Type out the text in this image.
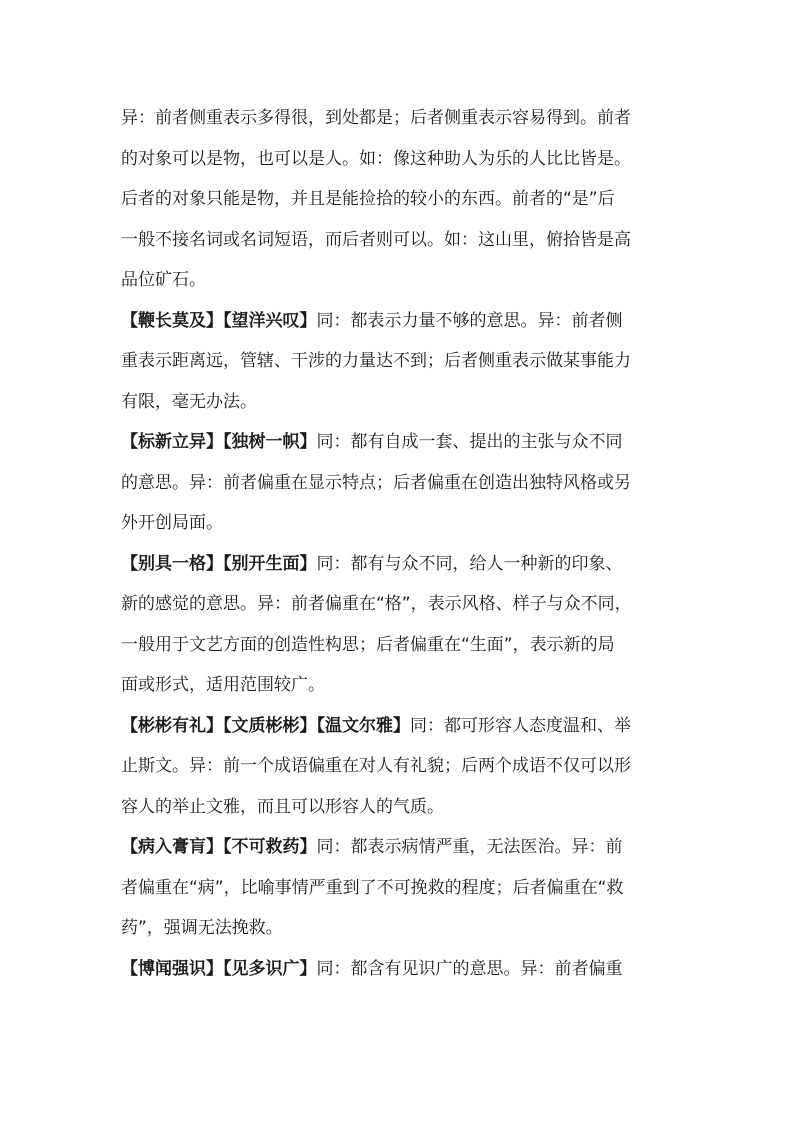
异：前者侧重表示多得很，到处都是；后者侧重表示容易得到。前者
的对象可以是物，也可以是人。如：像这种助人为乐的人比比皆是。
后者的对象只能是物，并且是能捡拾的较小的东西。前者的“是”后
一般不接名词或名词短语，而后者则可以。如：这山里，俯拾皆是高
品位矿石。

【鞭长莫及】【望洋兴叹】同：都表示力量不够的意思。异：前者侧
重表示距离远，管辖、干涉的力量达不到；后者侧重表示做某事能力
有限，毫无办法。

【标新立异】【独树一帜】同：都有自成一套、提出的主张与众不同
的意思。异：前者偏重在显示特点；后者偏重在创造出独特风格或另
外开创局面。

【别具一格】【别开生面】同：都有与众不同，给人一种新的印象、
新的感觉的意思。异：前者偏重在“格”，表示风格、样子与众不同，
一般用于文艺方面的创造性构思；后者偏重在“生面”，表示新的局
面或形式，适用范围较广。

【彬彬有礼】【文质彬彬】【温文尔雅】同：都可形容人态度温和、举
止斯文。异：前一个成语偏重在对人有礼貌；后两个成语不仅可以形
容人的举止文雅，而且可以形容人的气质。

【病入膏肓】【不可救药】同：都表示病情严重，无法医治。异：前
者偏重在“病”，比喻事情严重到了不可挽救的程度；后者偏重在“救
药”，强调无法挽救。

【博闻强识】【见多识广】同：都含有见识广的意思。异：前者偏重
